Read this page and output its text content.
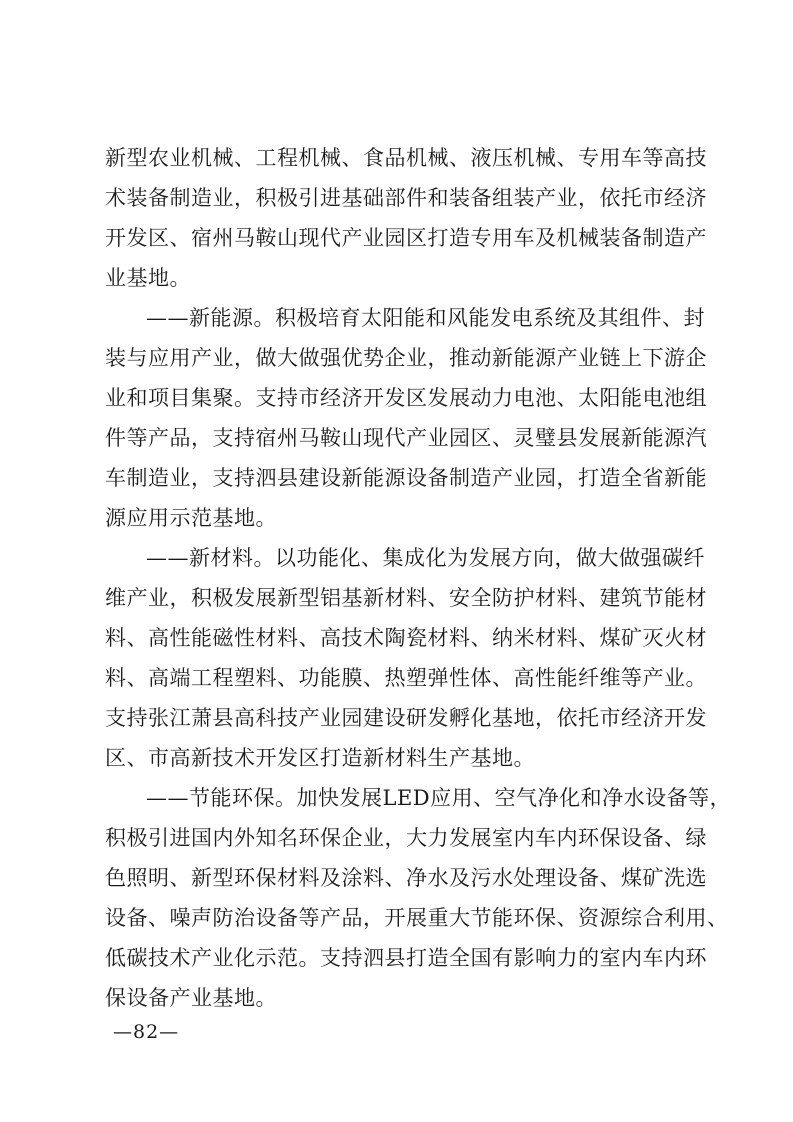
新型农业机械、工程机械、食品机械、液压机械、专用车等高技
术装备制造业，积极引进基础部件和装备组装产业，依托市经济
开发区、宿州马鞍山现代产业园区打造专用车及机械装备制造产
业基地。
——新能源。积极培育太阳能和风能发电系统及其组件、封
装与应用产业，做大做强优势企业，推动新能源产业链上下游企
业和项目集聚。支持市经济开发区发展动力电池、太阳能电池组
件等产品，支持宿州马鞍山现代产业园区、灵璧县发展新能源汽
车制造业，支持泗县建设新能源设备制造产业园，打造全省新能
源应用示范基地。
——新材料。以功能化、集成化为发展方向，做大做强碳纤
维产业，积极发展新型铝基新材料、安全防护材料、建筑节能材
料、高性能磁性材料、高技术陶瓷材料、纳米材料、煤矿灭火材
料、高端工程塑料、功能膜、热塑弹性体、高性能纤维等产业。
支持张江萧县高科技产业园建设研发孵化基地，依托市经济开发
区、市高新技术开发区打造新材料生产基地。
——节能环保。加快发展LED应用、空气净化和净水设备等，
积极引进国内外知名环保企业，大力发展室内车内环保设备、绿
色照明、新型环保材料及涂料、净水及污水处理设备、煤矿洗选
设备、噪声防治设备等产品，开展重大节能环保、资源综合利用、
低碳技术产业化示范。支持泗县打造全国有影响力的室内车内环
保设备产业基地。
—82—
